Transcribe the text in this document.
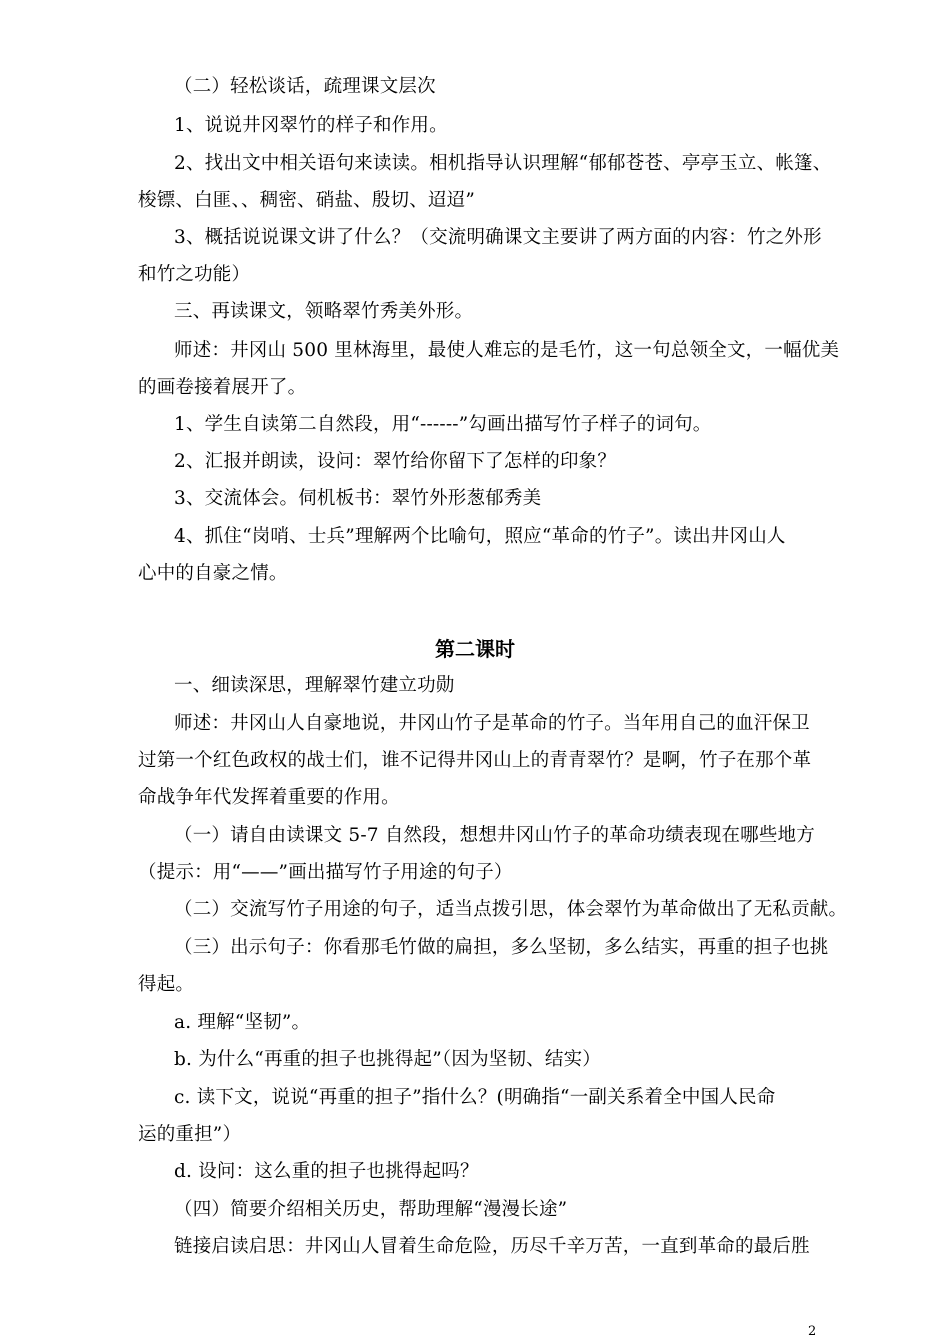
（二）轻松谈话，疏理课文层次
1、说说井冈翠竹的样子和作用。
2、找出文中相关语句来读读。相机指导认识理解“郁郁苍苍、亭亭玉立、帐篷、
梭镖、白匪、、稠密、硝盐、殷切、迢迢”
3、概括说说课文讲了什么？（交流明确课文主要讲了两方面的内容：竹之外形
和竹之功能）
三、再读课文，领略翠竹秀美外形。
师述：井冈山 500 里林海里，最使人难忘的是毛竹，这一句总领全文，一幅优美
的画卷接着展开了。
1、学生自读第二自然段，用“------”勾画出描写竹子样子的词句。
2、汇报并朗读，设问：翠竹给你留下了怎样的印象？
3、交流体会。伺机板书：翠竹外形葱郁秀美
4、抓住“岗哨、士兵”理解两个比喻句，照应“革命的竹子”。读出井冈山人
心中的自豪之情。
第二课时
一、细读深思，理解翠竹建立功勋
师述：井冈山人自豪地说，井冈山竹子是革命的竹子。当年用自己的血汗保卫
过第一个红色政权的战士们，谁不记得井冈山上的青青翠竹？是啊，竹子在那个革
命战争年代发挥着重要的作用。
（一）请自由读课文 5-7 自然段，想想井冈山竹子的革命功绩表现在哪些地方
（提示：用“——”画出描写竹子用途的句子）
（二）交流写竹子用途的句子，适当点拨引思，体会翠竹为革命做出了无私贡献。
（三）出示句子：你看那毛竹做的扁担，多么坚韧，多么结实，再重的担子也挑
得起。
a. 理解“坚韧”。
b. 为什么“再重的担子也挑得起”（因为坚韧、结实）
c. 读下文，说说“再重的担子”指什么？(明确指“一副关系着全中国人民命
运的重担”）
d. 设问：这么重的担子也挑得起吗？
（四）简要介绍相关历史，帮助理解“漫漫长途”
链接启读启思：井冈山人冒着生命危险，历尽千辛万苦，一直到革命的最后胜
2
